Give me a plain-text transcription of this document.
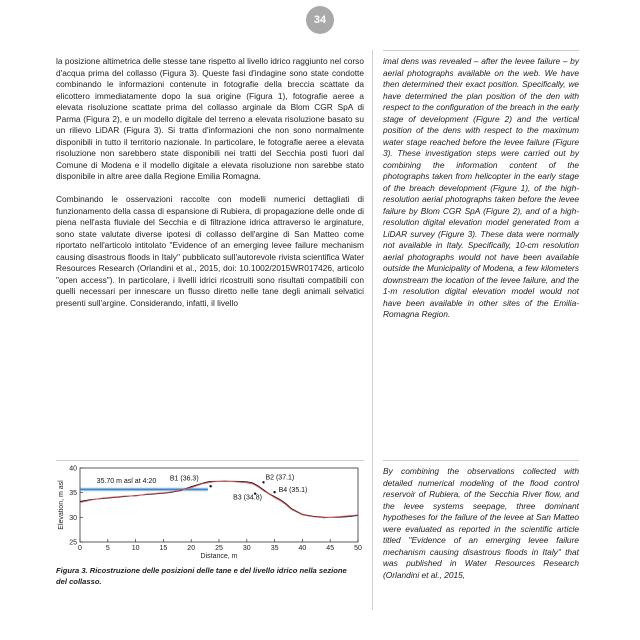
34

la posizione altimetrica delle stesse tane rispetto al livello idrico raggiunto nel corso d'acqua prima del collasso (Figura 3). Queste fasi d'indagine sono state condotte combinando le informazioni contenute in fotografie della breccia scattate da elicottero immediatamente dopo la sua origine (Figura 1), fotografie aeree a elevata risoluzione scattate prima del collasso arginale da Blom CGR SpA di Parma (Figura 2), e un modello digitale del terreno a elevata risoluzione basato su un rilievo LiDAR (Figura 3). Si tratta d'informazioni che non sono normalmente disponibili in tutto il territorio nazionale. In particolare, le fotografie aeree a elevata risoluzione non sarebbero state disponibili nei tratti del Secchia posti fuori dal Comune di Modena e il modello digitale a elevata risoluzione non sarebbe stato disponibile in altre aree dalla Regione Emilia Romagna.

Combinando le osservazioni raccolte con modelli numerici dettagliati di funzionamento della cassa di espansione di Rubiera, di propagazione delle onde di piena nell'asta fluviale del Secchia e di filtrazione idrica attraverso le arginature, sono state valutate diverse ipotesi di collasso dell'argine di San Matteo come riportato nell'articolo intitolato "Evidence of an emerging levee failure mechanism causing disastrous floods in Italy" pubblicato sull'autorevole rivista scientifica Water Resources Research (Orlandini et al., 2015, doi: 10.1002/2015WR017426, articolo "open access"). In particolare, i livelli idrici ricostruiti sono risultati compatibili con quelli necessari per innescare un flusso diretto nelle tane degli animali selvatici presenti sull'argine. Considerando, infatti, il livello

imal dens was revealed – after the levee failure – by aerial photographs available on the web. We have then determined their exact position. Specifically, we have determined the plan position of the den with respect to the configuration of the breach in the early stage of development (Figure 2) and the vertical position of the dens with respect to the maximum water stage reached before the levee failure (Figure 3). These investigation steps were carried out by combining the information content of the photographs taken from helicopter in the early stage of the breach development (Figure 1), of the high-resolution aerial photographs taken before the levee failure by Blom CGR SpA (Figure 2), and of a high-resolution digital elevation model generated from a LiDAR survey (Figure 3). These data were normally not available in Italy. Specifically, 10-cm resolution aerial photographs would not have been available outside the Municipality of Modena, a few kilometers downstream the location of the levee failure, and the 1-m resolution digital elevation model would not have been available in other sites of the Emilia-Romagna Region.

By combining the observations collected with detailed numerical modeling of the flood control reservoir of Rubiera, of the Secchia River flow, and the levee systems seepage, three dominant hypotheses for the failure of the levee at San Matteo were evaluated as reported in the scientific article titled "Evidence of an emerging levee failure mechanism causing disastrous floods in Italy" that was published in Water Resources Research (Orlandini et al., 2015,

0	5	10	15	20	25	30	35	40	45	50
25
30
35
40
Distance, m
Elevation, m asl	35.70 m asl at 4:20 B1 (36.3)	B2 (37.1)
B3 (34.8)
B4 (35.1)
Figura 3. Ricostruzione delle posizioni delle tane e del livello idrico nella sezione del collasso.
